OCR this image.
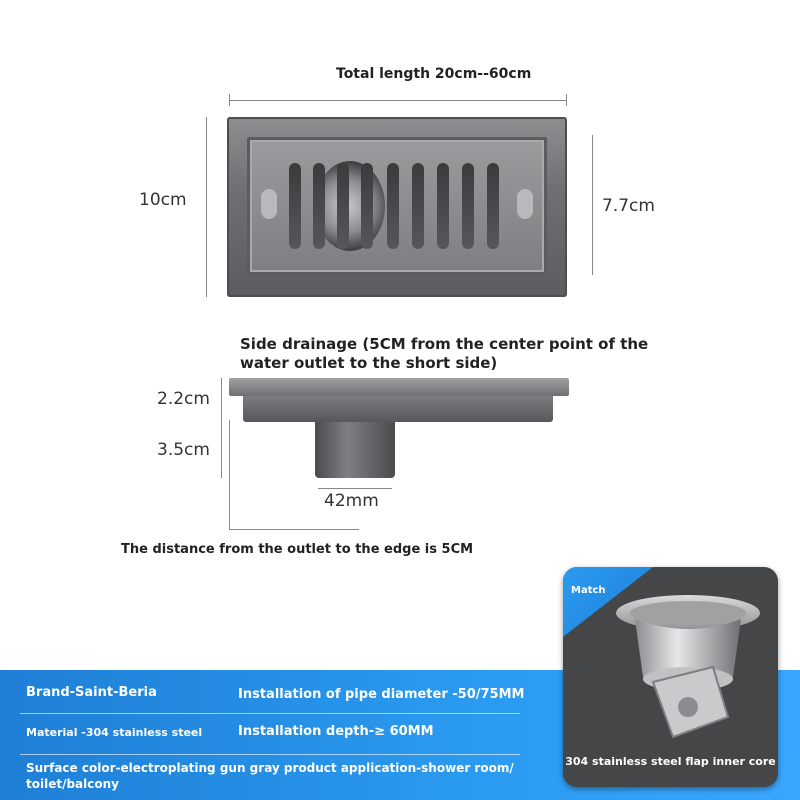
Total length 20cm--60cm
10cm	7.7cm
Side drainage (5CM from the center point of the
water outlet to the short side)
2.2cm
3.5cm
42mm
The distance from the outlet to the edge is 5CM
Brand-Saint-Beria	Installation of pipe diameter -50/75MM
Material -304 stainless steel	Installation depth-≥ 60MM
Surface color-electroplating gun gray product application-shower room/
toilet/balcony
Match
304 stainless steel flap inner core
